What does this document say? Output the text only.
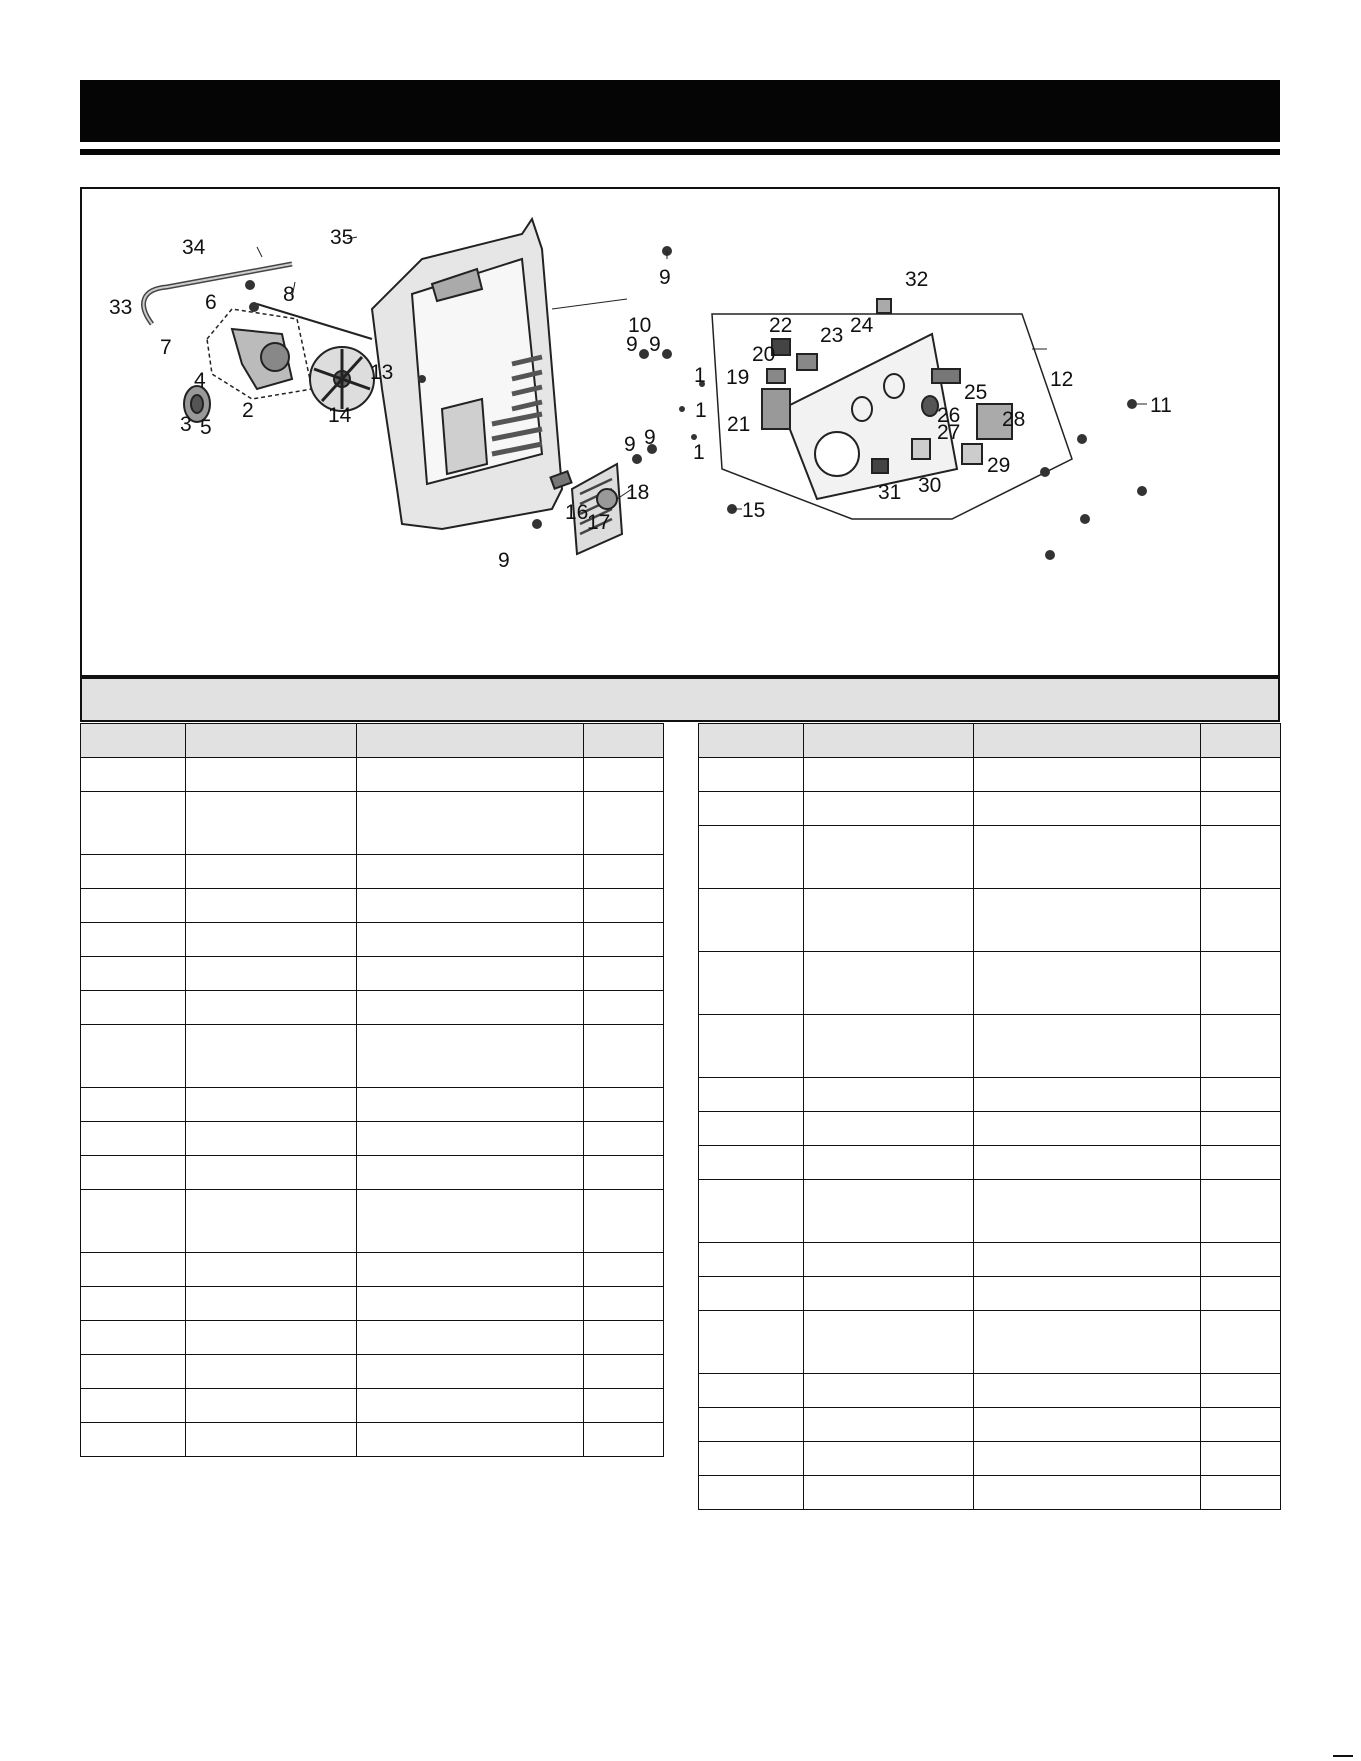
1
1
1
2
3
4
5
6
7
8
9
9 9
9 9
9
10
11
12
13
14
15
16
17
18
19
20
21
22 23 24
25
26
27
28
29
30
31
32
33
34	35
